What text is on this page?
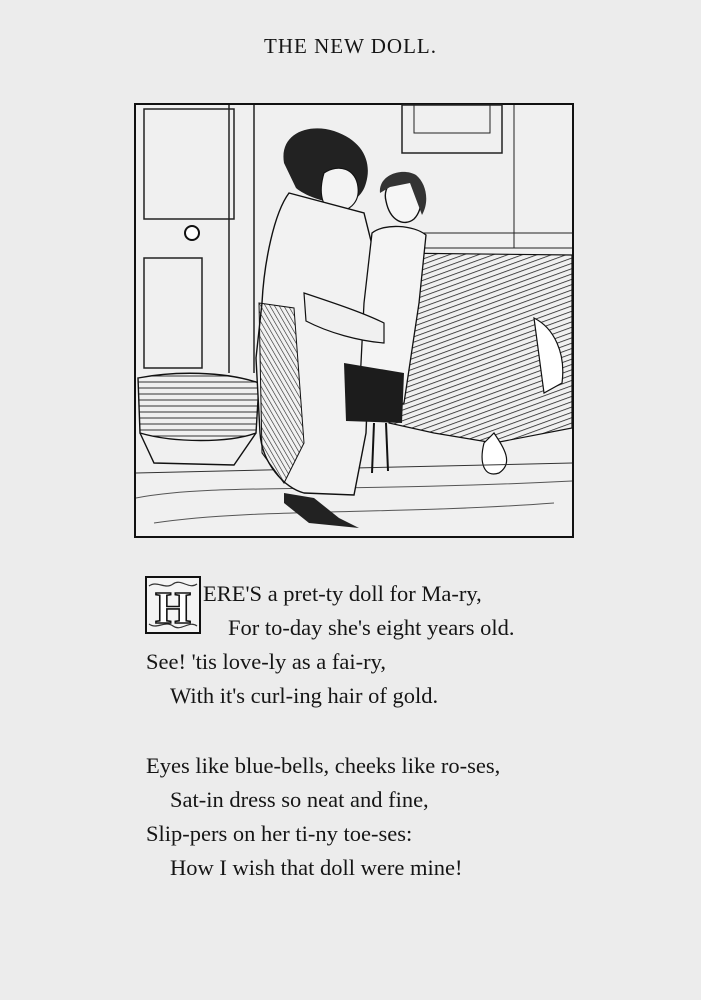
THE NEW DOLL.
H ERE'S a pret-ty doll for Ma-ry,
For to-day she's eight years old.
See! 'tis love-ly as a fai-ry,
With it's curl-ing hair of gold.
Eyes like blue-bells, cheeks like ro-ses,
Sat-in dress so neat and fine,
Slip-pers on her ti-ny toe-ses:
How I wish that doll were mine!
